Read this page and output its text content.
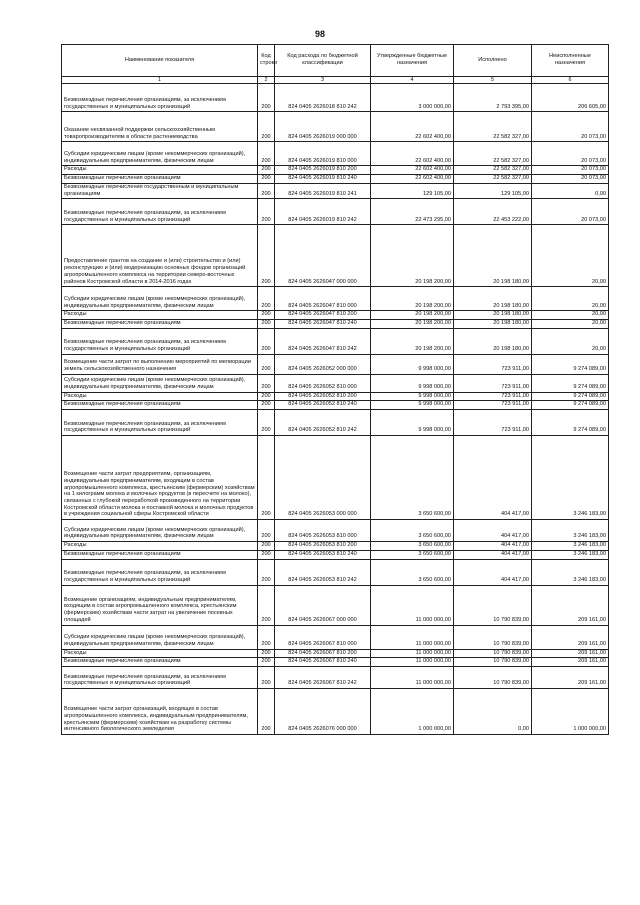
98
Наименование показателя	Код строки	Код расхода по бюджетной классификации	Утвержденные бюджетные назначения	Исполнено	Неисполненные назначения
1	2	3	4	5	6
Безвозмездные перечисления организациям, за исключением государственных и муниципальных организаций	200	824 0405 2626018 810 242	3 000 000,00	2 793 395,00	206 605,00
Оказание несвязанной поддержки сельскохозяйственным товаропроизводителям в области растениеводства	200	824 0405 2626019 000 000	22 602 400,00	22 582 327,00	20 073,00
Субсидии юридическим лицам (кроме некоммерческих организаций), индивидуальным предпринимателям, физическим лицам	200	824 0405 2626019 810 000	22 602 400,00	22 582 327,00	20 073,00
Расходы	200	824 0405 2626019 810 200	22 602 400,00	22 582 327,00	20 073,00
Безвозмездные перечисления организациям	200	824 0405 2626019 810 240	22 602 400,00	22 582 327,00	20 073,00
Безвозмездные перечисления государственным и муниципальным организациям	200	824 0405 2626019 810 241	129 105,00	129 105,00	0,00
Безвозмездные перечисления организациям, за исключением государственных и муниципальных организаций	200	824 0405 2626019 810 242	22 473 295,00	22 453 222,00	20 073,00
Предоставление грантов на создание и (или) строительство и (или) реконструкцию и (или) модернизацию основных фондов организаций агропромышленного комплекса на территории северо-восточных районов Костромской области в 2014-2016 годах	200	824 0405 2626047 000 000	20 198 200,00	20 198 180,00	20,00
Субсидии юридическим лицам (кроме некоммерческих организаций), индивидуальным предпринимателям, физическим лицам	200	824 0405 2626047 810 000	20 198 200,00	20 198 180,00	20,00
Расходы	200	824 0405 2626047 810 200	20 198 200,00	20 198 180,00	20,00
Безвозмездные перечисления организациям	200	824 0405 2626047 810 240	20 198 200,00	20 198 180,00	20,00
Безвозмездные перечисления организациям, за исключением государственных и муниципальных организаций	200	824 0405 2626047 810 242	20 198 200,00	20 198 180,00	20,00
Возмещение части затрат по выполнению мероприятий по мелиорации земель сельскохозяйственного назначения	200	824 0405 2626052 000 000	9 998 000,00	723 911,00	9 274 089,00
Субсидии юридическим лицам (кроме некоммерческих организаций), индивидуальным предпринимателям, физическим лицам	200	824 0405 2626052 810 000	9 998 000,00	723 911,00	9 274 089,00
Расходы	200	824 0405 2626052 810 200	9 998 000,00	723 911,00	9 274 089,00
Безвозмездные перечисления организациям	200	824 0405 2626052 810 240	9 998 000,00	723 911,00	9 274 089,00
Безвозмездные перечисления организациям, за исключением государственных и муниципальных организаций	200	824 0405 2626052 810 242	9 998 000,00	723 911,00	9 274 089,00
Возмещение части затрат предприятиям, организациям, индивидуальным предпринимателям, входящим в состав агропромышленного комплекса, крестьянским (фермерским) хозяйствам на 1 килограмм молока и молочных продуктов (в пересчете на молоко), связанных с глубокой переработкой произведенного на территории Костромской области молока и поставкой молока и молочных продуктов в учреждения социальной сферы Костромской области	200	824 0405 2626053 000 000	3 650 600,00	404 417,00	3 246 183,00
Субсидии юридическим лицам (кроме некоммерческих организаций), индивидуальным предпринимателям, физическим лицам	200	824 0405 2626053 810 000	3 650 600,00	404 417,00	3 246 183,00
Расходы	200	824 0405 2626053 810 200	3 650 600,00	404 417,00	3 246 183,00
Безвозмездные перечисления организациям	200	824 0405 2626053 810 240	3 650 600,00	404 417,00	3 246 183,00
Безвозмездные перечисления организациям, за исключением государственных и муниципальных организаций	200	824 0405 2626053 810 242	3 650 600,00	404 417,00	3 246 183,00
Возмещение организациям, индивидуальным предпринимателям, входящим в состав агропромышленного комплекса, крестьянским (фермерским) хозяйствам части затрат на увеличение посевных площадей	200	824 0405 2626067 000 000	11 000 000,00	10 790 839,00	209 161,00
Субсидии юридическим лицам (кроме некоммерческих организаций), индивидуальным предпринимателям, физическим лицам	200	824 0405 2626067 810 000	11 000 000,00	10 790 839,00	209 161,00
Расходы	200	824 0405 2626067 810 200	11 000 000,00	10 790 839,00	209 161,00
Безвозмездные перечисления организациям	200	824 0405 2626067 810 240	11 000 000,00	10 790 839,00	209 161,00
Безвозмездные перечисления организациям, за исключением государственных и муниципальных организаций	200	824 0405 2626067 810 242	11 000 000,00	10 790 839,00	209 161,00
Возмещение части затрат организаций, входящих в состав агропромышленного комплекса, индивидуальным предпринимателям, крестьянским (фермерским) хозяйствам на разработку системы интенсивного биологического земледелия	200	824 0405 2626076 000 000	1 000 000,00	0,00	1 000 000,00
